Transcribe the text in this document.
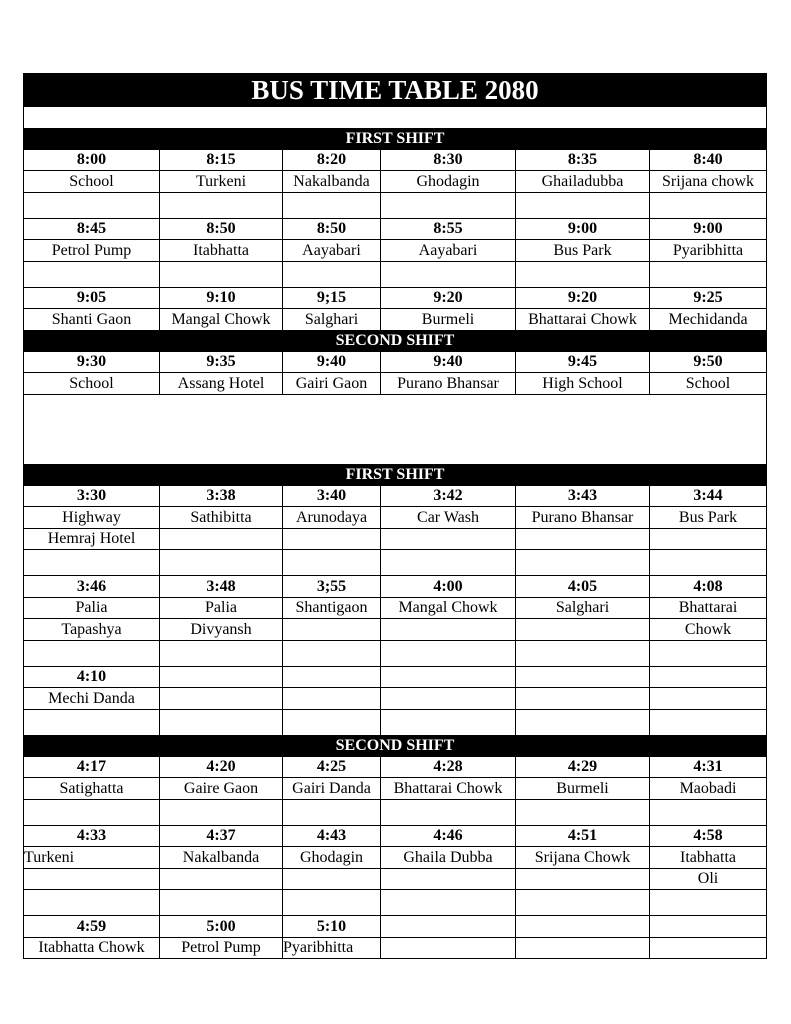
BUS TIME TABLE 2080					

FIRST SHIFT					
8:00	8:15	8:20	8:30	8:35	8:40
School	Turkeni	Nakalbanda	Ghodagin	Ghailadubba	Srijana chowk

8:45	8:50	8:50	8:55	9:00	9:00
Petrol Pump	Itabhatta	Aayabari	Aayabari	Bus Park	Pyaribhitta

9:05	9:10	9;15	9:20	9:20	9:25
Shanti Gaon	Mangal Chowk	Salghari	Burmeli	Bhattarai Chowk	Mechidanda
SECOND SHIFT					
9:30	9:35	9:40	9:40	9:45	9:50
School	Assang Hotel	Gairi Gaon	Purano Bhansar	High School	School

FIRST SHIFT					
3:30	3:38	3:40	3:42	3:43	3:44
Highway	Sathibitta	Arunodaya	Car Wash	Purano Bhansar	Bus Park
Hemraj Hotel					

3:46	3:48	3;55	4:00	4:05	4:08
Palia	Palia	Shantigaon	Mangal Chowk	Salghari	Bhattarai
Tapashya	Divyansh				Chowk

4:10					
Mechi Danda					

SECOND SHIFT					
4:17	4:20	4:25	4:28	4:29	4:31
Satighatta	Gaire Gaon	Gairi Danda	Bhattarai Chowk	Burmeli	Maobadi

4:33	4:37	4:43	4:46	4:51	4:58
Turkeni	Nakalbanda	Ghodagin	Ghaila Dubba	Srijana Chowk	Itabhatta
					Oli

4:59	5:00	5:10			
Itabhatta Chowk	Petrol Pump	Pyaribhitta			
